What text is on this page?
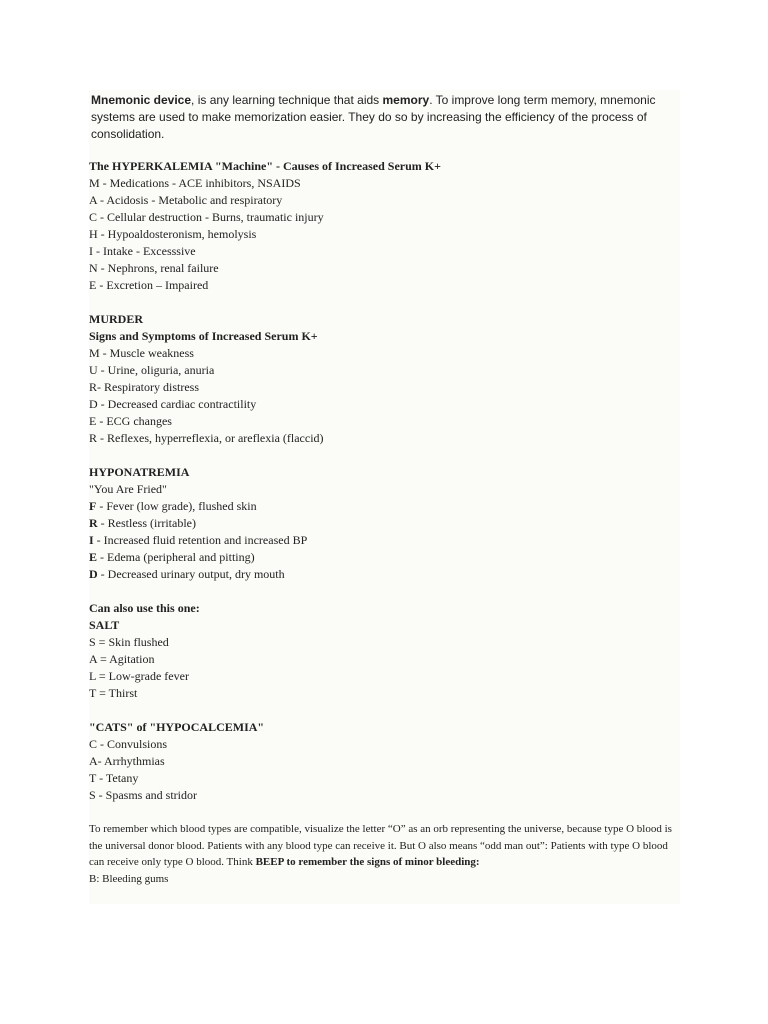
Mnemonic device, is any learning technique that aids memory. To improve long term memory, mnemonic systems are used to make memorization easier. They do so by increasing the efficiency of the process of consolidation.

The HYPERKALEMIA "Machine" - Causes of Increased Serum K+
M - Medications - ACE inhibitors, NSAIDS
A - Acidosis - Metabolic and respiratory
C - Cellular destruction - Burns, traumatic injury
H - Hypoaldosteronism, hemolysis
I - Intake - Excesssive
N - Nephrons, renal failure
E - Excretion – Impaired
MURDER
Signs and Symptoms of Increased Serum K+
M - Muscle weakness
U - Urine, oliguria, anuria
R- Respiratory distress
D - Decreased cardiac contractility
E - ECG changes
R - Reflexes, hyperreflexia, or areflexia (flaccid)
HYPONATREMIA
"You Are Fried"
F - Fever (low grade), flushed skin
R - Restless (irritable)
I - Increased fluid retention and increased BP
E - Edema (peripheral and pitting)
D - Decreased urinary output, dry mouth
Can also use this one:
SALT
S = Skin flushed
A = Agitation
L = Low-grade fever
T = Thirst
"CATS" of "HYPOCALCEMIA"
C - Convulsions
A- Arrhythmias
T - Tetany
S - Spasms and stridor

To remember which blood types are compatible, visualize the letter “O” as an orb representing the universe, because type O blood is the universal donor blood. Patients with any blood type can receive it. But O also means “odd man out”: Patients with type O blood can receive only type O blood. Think BEEP to remember the signs of minor bleeding:
B: Bleeding gums
